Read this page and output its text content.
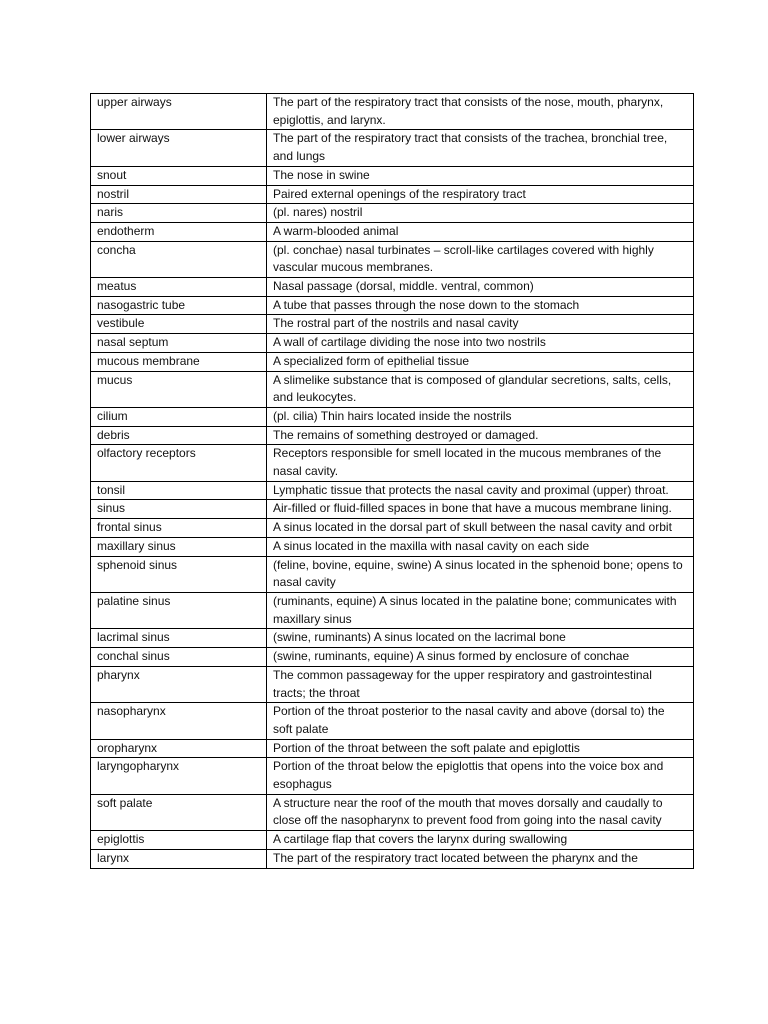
upper airways	The part of the respiratory tract that consists of the nose, mouth, pharynx, epiglottis, and larynx.

lower airways	The part of the respiratory tract that consists of the trachea, bronchial tree, and lungs

snout	The nose in swine

nostril	Paired external openings of the respiratory tract

naris	(pl. nares) nostril

endotherm	A warm-blooded animal

concha	(pl. conchae) nasal turbinates – scroll-like cartilages covered with highly vascular mucous membranes.

meatus	Nasal passage (dorsal, middle. ventral, common)

nasogastric tube	A tube that passes through the nose down to the stomach

vestibule	The rostral part of the nostrils and nasal cavity

nasal septum	A wall of cartilage dividing the nose into two nostrils

mucous membrane	A specialized form of epithelial tissue

mucus	A slimelike substance that is composed of glandular secretions, salts, cells, and leukocytes.

cilium	(pl. cilia) Thin hairs located inside the nostrils

debris	The remains of something destroyed or damaged.

olfactory receptors	Receptors responsible for smell located in the mucous membranes of the nasal cavity.

tonsil	Lymphatic tissue that protects the nasal cavity and proximal (upper) throat.

sinus	Air-filled or fluid-filled spaces in bone that have a mucous membrane lining.

frontal sinus	A sinus located in the dorsal part of skull between the nasal cavity and orbit

maxillary sinus	A sinus located in the maxilla with nasal cavity on each side

sphenoid sinus	(feline, bovine, equine, swine) A sinus located in the sphenoid bone; opens to nasal cavity

palatine sinus	(ruminants, equine) A sinus located in the palatine bone; communicates with maxillary sinus

lacrimal sinus	(swine, ruminants) A sinus located on the lacrimal bone

conchal sinus	(swine, ruminants, equine) A sinus formed by enclosure of conchae

pharynx	The common passageway for the upper respiratory and gastrointestinal tracts; the throat

nasopharynx	Portion of the throat posterior to the nasal cavity and above (dorsal to) the soft palate

oropharynx	Portion of the throat between the soft palate and epiglottis

laryngopharynx	Portion of the throat below the epiglottis that opens into the voice box and esophagus

soft palate	A structure near the roof of the mouth that moves dorsally and caudally to close off the nasopharynx to prevent food from going into the nasal cavity

epiglottis	A cartilage flap that covers the larynx during swallowing

larynx	The part of the respiratory tract located between the pharynx and the
